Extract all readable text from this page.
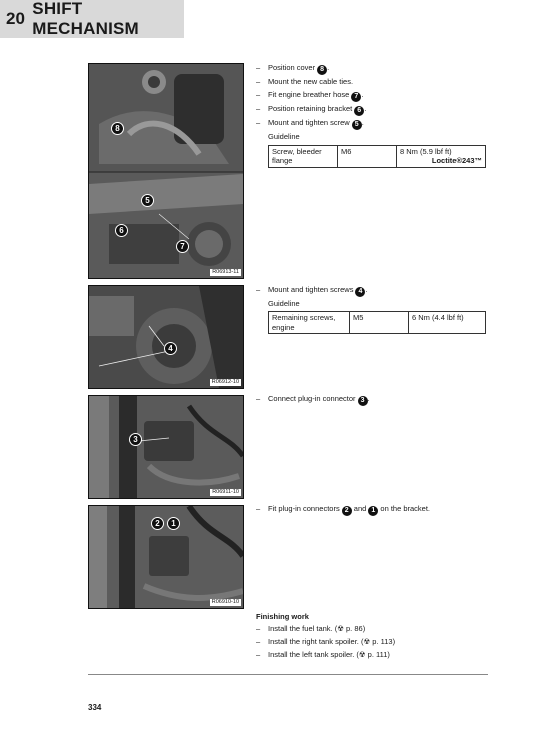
20
SHIFT MECHANISM
8
5
6
7
R06913-11
4
R06912-10
3
R06911-10
2	1
R06910-10
– Position cover 8 .
– Mount the new cable ties.
– Fit engine breather hose 7 .
– Position retaining bracket 6 .
– Mount and tighten screw 5 .
Guideline
Screw, bleeder flange	M6	8 Nm (5.9 lbf ft)
Loctite®243™
– Mount and tighten screws 4 .
Guideline
Remaining screws, engine	M5	6 Nm (4.4 lbf ft)
– Connect plug-in connector 3 .
– Fit plug-in connectors 2 and 1 on the bracket.
Finishing work
– Install the fuel tank. (☢ p. 86)
– Install the right tank spoiler. (☢ p. 113)
– Install the left tank spoiler. (☢ p. 111)
334
